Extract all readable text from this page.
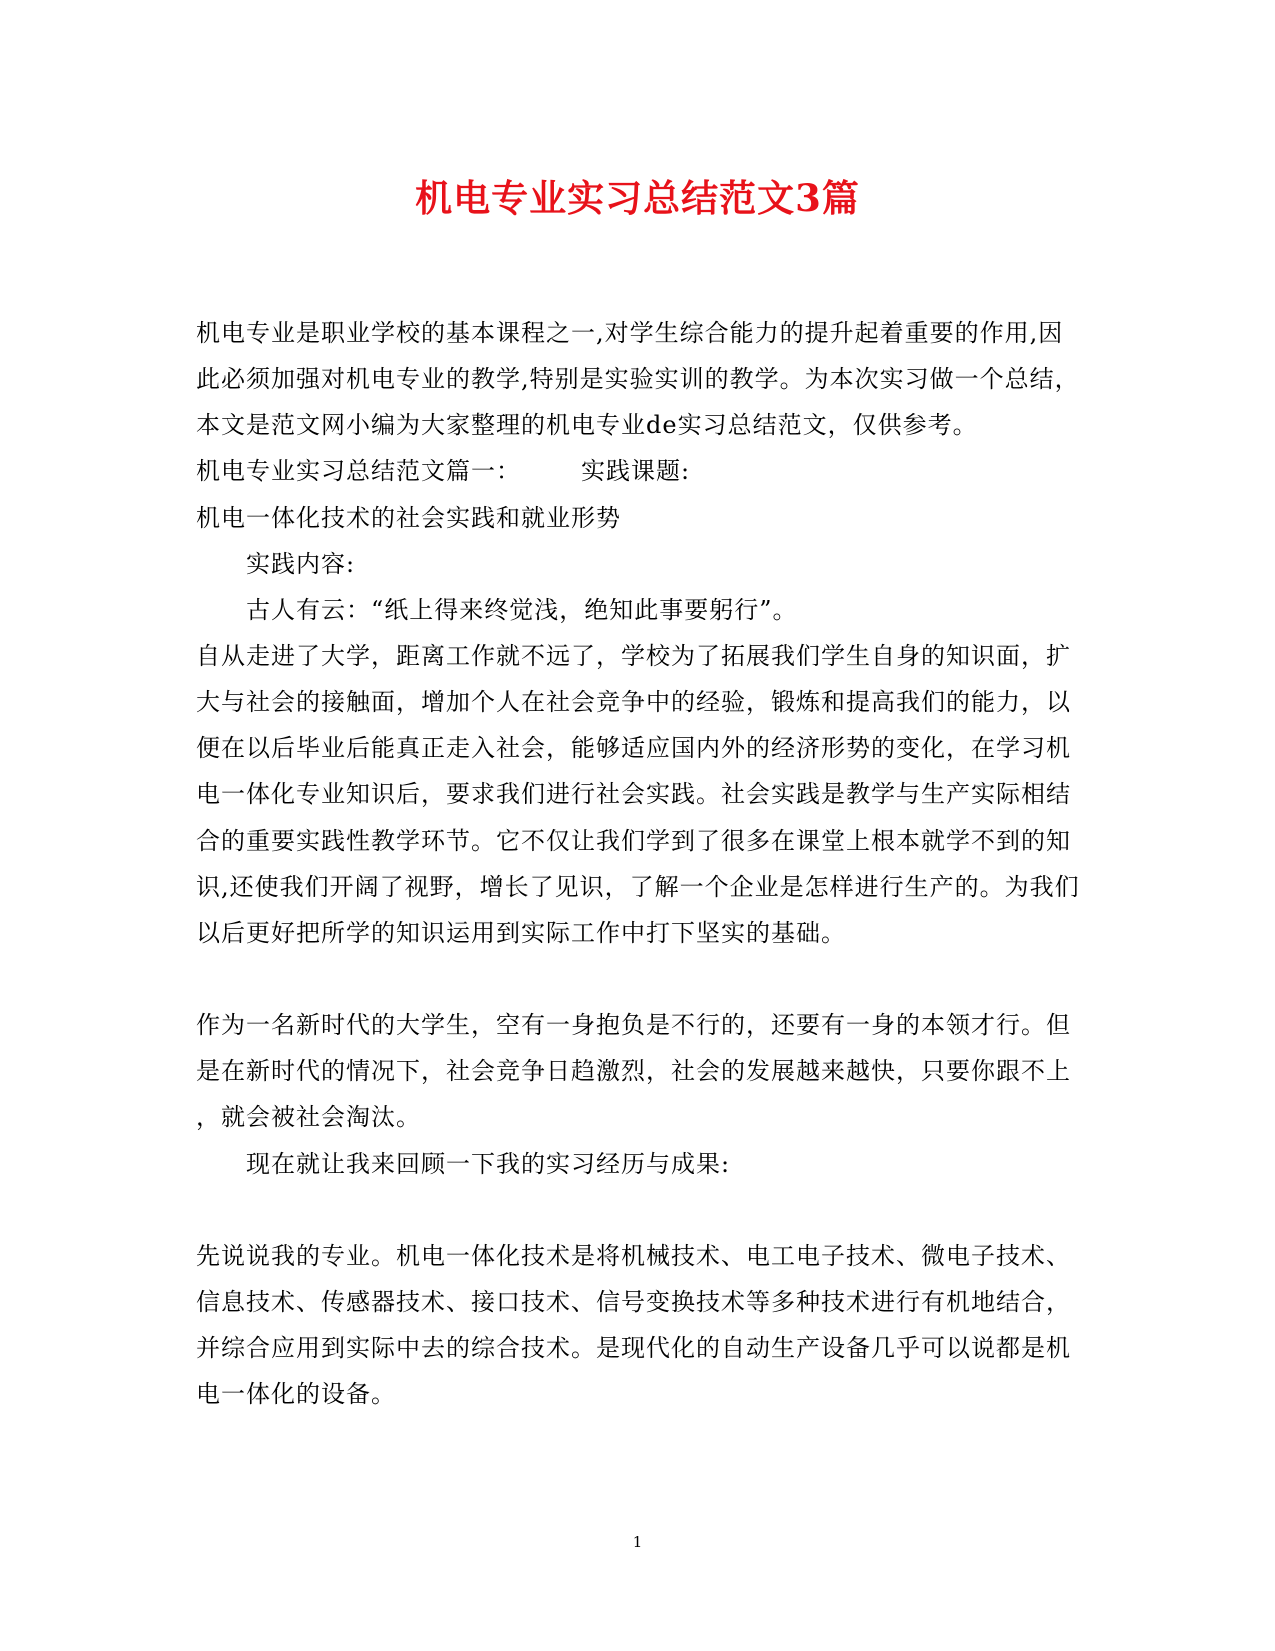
机电专业实习总结范文3篇
机电专业是职业学校的基本课程之一,对学生综合能力的提升起着重要的作用,因
此必须加强对机电专业的教学,特别是实验实训的教学。为本次实习做一个总结，
本文是范文网小编为大家整理的机电专业de实习总结范文，仅供参考。
机电专业实习总结范文篇一：	实践课题:
机电一体化技术的社会实践和就业形势
实践内容:
古人有云：“纸上得来终觉浅，绝知此事要躬行”。
自从走进了大学，距离工作就不远了，学校为了拓展我们学生自身的知识面，扩
大与社会的接触面，增加个人在社会竞争中的经验，锻炼和提高我们的能力，以
便在以后毕业后能真正走入社会，能够适应国内外的经济形势的变化，在学习机
电一体化专业知识后，要求我们进行社会实践。社会实践是教学与生产实际相结
合的重要实践性教学环节。它不仅让我们学到了很多在课堂上根本就学不到的知
识,还使我们开阔了视野，增长了见识，了解一个企业是怎样进行生产的。为我们
以后更好把所学的知识运用到实际工作中打下坚实的基础。
作为一名新时代的大学生，空有一身抱负是不行的，还要有一身的本领才行。但
是在新时代的情况下，社会竞争日趋激烈，社会的发展越来越快，只要你跟不上
，就会被社会淘汰。
现在就让我来回顾一下我的实习经历与成果:
先说说我的专业。机电一体化技术是将机械技术、电工电子技术、微电子技术、
信息技术、传感器技术、接口技术、信号变换技术等多种技术进行有机地结合，
并综合应用到实际中去的综合技术。是现代化的自动生产设备几乎可以说都是机
电一体化的设备。
1
